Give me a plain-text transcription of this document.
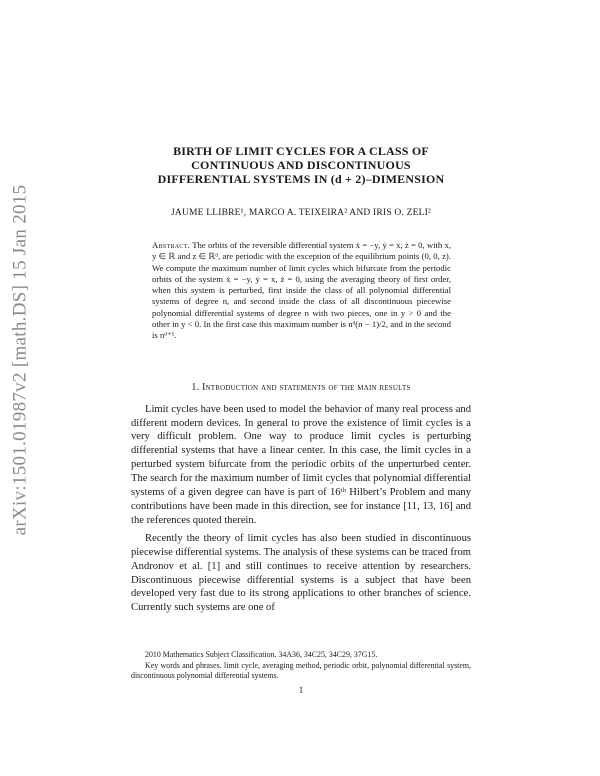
arXiv:1501.01987v2 [math.DS] 15 Jan 2015
BIRTH OF LIMIT CYCLES FOR A CLASS OF
CONTINUOUS AND DISCONTINUOUS
DIFFERENTIAL SYSTEMS IN (d + 2)–DIMENSION
JAUME LLIBRE¹, MARCO A. TEIXEIRA² AND IRIS O. ZELI²
Abstract. The orbits of the reversible differential system ẋ = −y, ẏ = x, ż = 0, with x, y ∈ ℝ and z ∈ ℝᵈ, are periodic with the exception of the equilibrium points (0, 0, z). We compute the maximum number of limit cycles which bifurcate from the periodic orbits of the system ẋ = −y, ẏ = x, ż = 0, using the averaging theory of first order, when this system is perturbed, first inside the class of all polynomial differential systems of degree n, and second inside the class of all discontinuous piecewise polynomial differential systems of degree n with two pieces, one in y > 0 and the other in y < 0. In the first case this maximum number is nᵈ(n − 1)/2, and in the second is nᵈ⁺¹.
1. Introduction and statements of the main results

Limit cycles have been used to model the behavior of many real process and different modern devices. In general to prove the existence of limit cycles is a very difficult problem. One way to produce limit cycles is perturbing differential systems that have a linear center. In this case, the limit cycles in a perturbed system bifurcate from the periodic orbits of the unperturbed center. The search for the maximum number of limit cycles that polynomial differential systems of a given degree can have is part of 16ᵗʰ Hilbert’s Problem and many contributions have been made in this direction, see for instance [11, 13, 16] and the references quoted therein.

Recently the theory of limit cycles has also been studied in discontinuous piecewise differential systems. The analysis of these systems can be traced from Andronov et al. [1] and still continues to receive attention by researchers. Discontinuous piecewise differential systems is a subject that have been developed very fast due to its strong applications to other branches of science. Currently such systems are one of

2010 Mathematics Subject Classification. 34A36, 34C25, 34C29, 37G15.

Key words and phrases. limit cycle, averaging method, periodic orbit, polynomial differential system, discontinuous polynomial differential systems.

1
